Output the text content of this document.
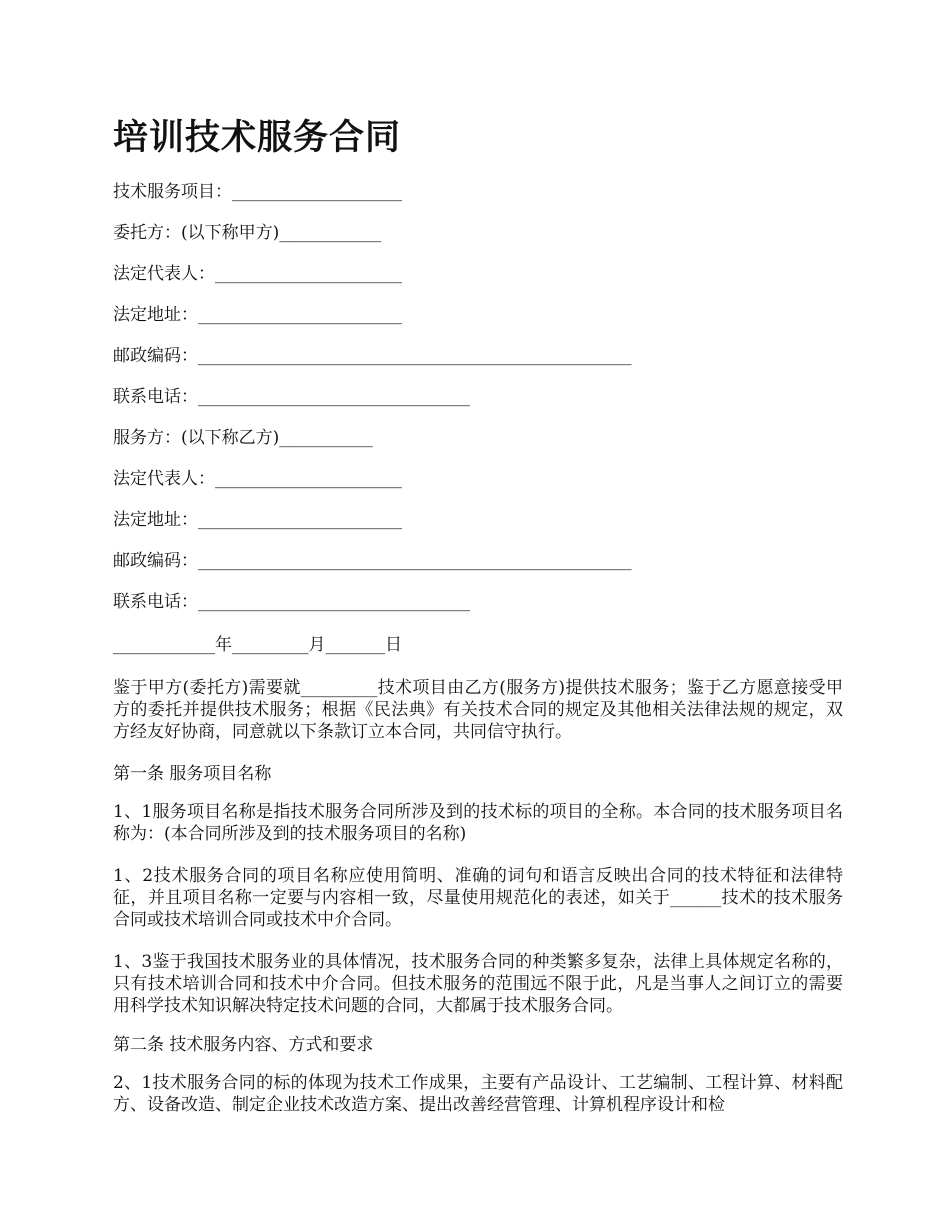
培训技术服务合同
技术服务项目：____________________
委托方：(以下称甲方)____________
法定代表人：______________________
法定地址：________________________
邮政编码：___________________________________________________
联系电话：________________________________
服务方：(以下称乙方)___________
法定代表人：______________________
法定地址：________________________
邮政编码：___________________________________________________
联系电话：________________________________
____________年_________月_______日

鉴于甲方(委托方)需要就_________技术项目由乙方(服务方)提供技术服务；鉴于乙方愿意接受甲方的委托并提供技术服务；根据《民法典》有关技术合同的规定及其他相关法律法规的规定，双方经友好协商，同意就以下条款订立本合同，共同信守执行。

第一条 服务项目名称

1、1服务项目名称是指技术服务合同所涉及到的技术标的项目的全称。本合同的技术服务项目名称为：(本合同所涉及到的技术服务项目的名称)

1、2技术服务合同的项目名称应使用简明、准确的词句和语言反映出合同的技术特征和法律特征，并且项目名称一定要与内容相一致，尽量使用规范化的表述，如关于______技术的技术服务合同或技术培训合同或技术中介合同。

1、3鉴于我国技术服务业的具体情况，技术服务合同的种类繁多复杂，法律上具体规定名称的，只有技术培训合同和技术中介合同。但技术服务的范围远不限于此，凡是当事人之间订立的需要用科学技术知识解决特定技术问题的合同，大都属于技术服务合同。

第二条 技术服务内容、方式和要求

2、1技术服务合同的标的体现为技术工作成果，主要有产品设计、工艺编制、工程计算、材料配方、设备改造、制定企业技术改造方案、提出改善经营管理、计算机程序设计和检
